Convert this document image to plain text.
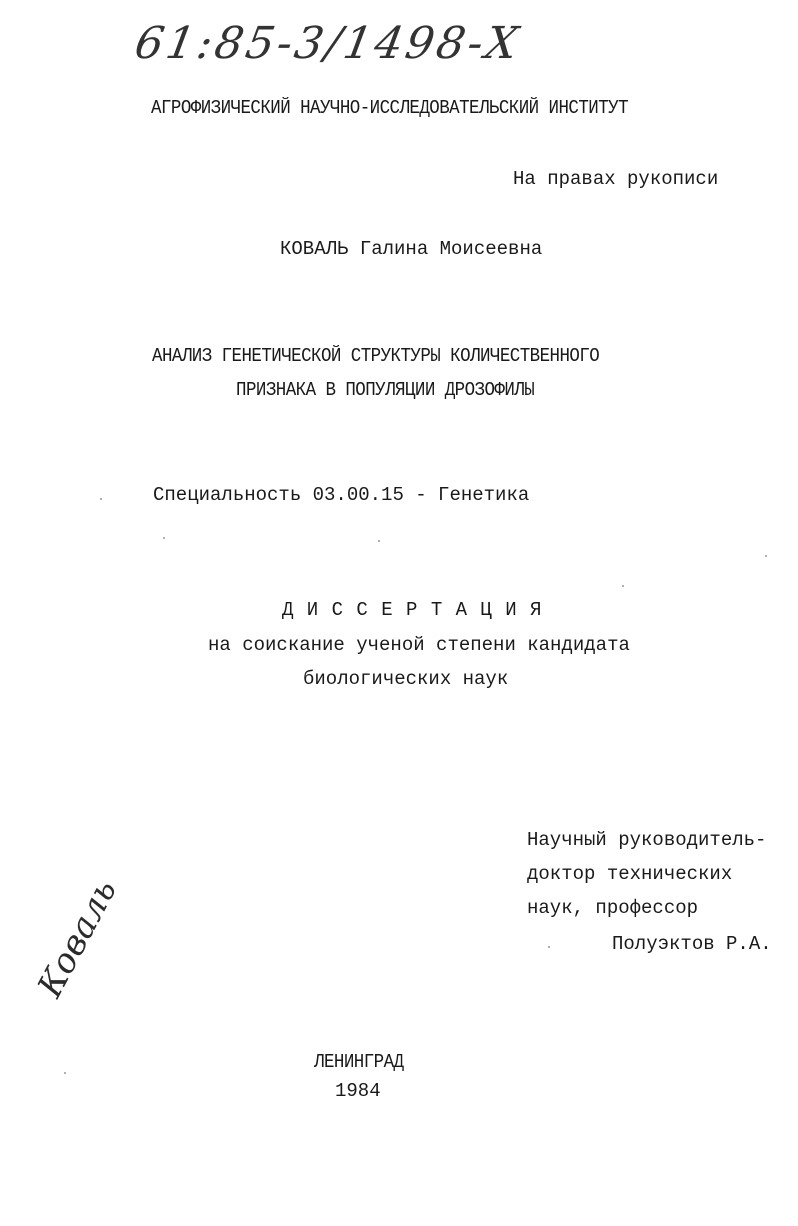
61:85-3/1498-Х
АГРОФИЗИЧЕСКИЙ НАУЧНО-ИССЛЕДОВАТЕЛЬСКИЙ ИНСТИТУТ
На правах рукописи
КОВАЛЬ Галина Моисеевна
АНАЛИЗ ГЕНЕТИЧЕСКОЙ СТРУКТУРЫ КОЛИЧЕСТВЕННОГО
ПРИЗНАКА В ПОПУЛЯЦИИ ДРОЗОФИЛЫ
Специальность 03.00.15 - Генетика
Д И С С Е Р Т А Ц И Я
на соискание ученой степени кандидата
биологических наук
Научный руководитель-
доктор технических
наук, профессор
Полуэктов Р.А.
Коваль
ЛЕНИНГРАД
1984
